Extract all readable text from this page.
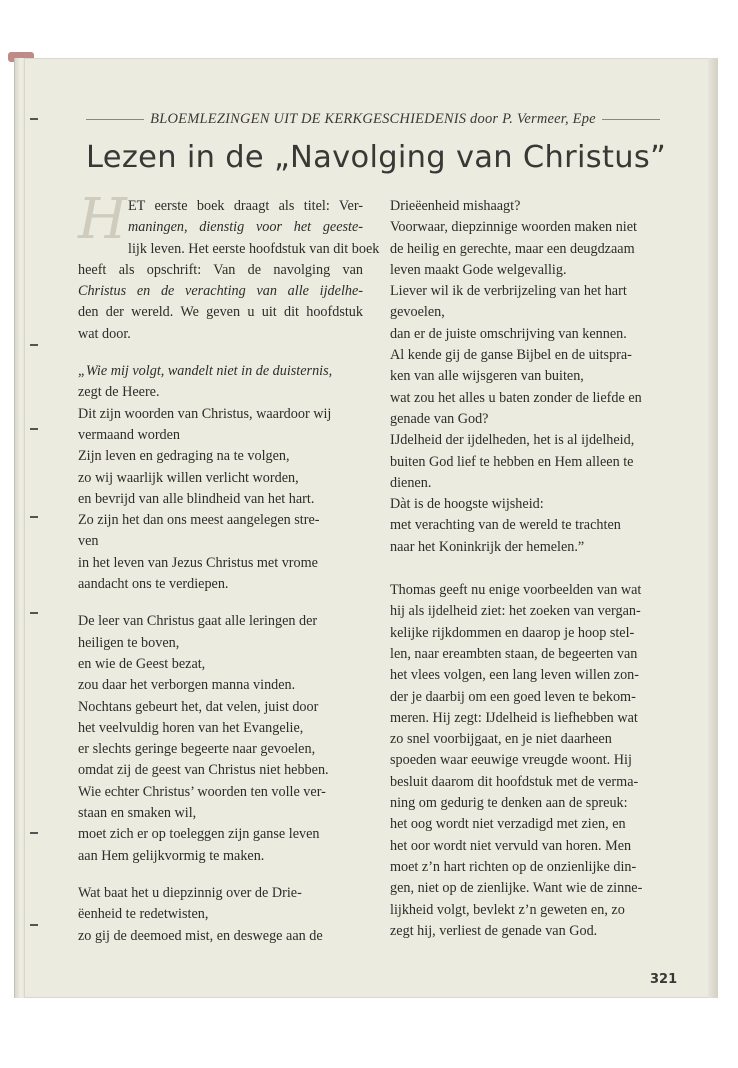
BLOEMLEZINGEN UIT DE KERKGESCHIEDENIS door P. Vermeer, Epe
Lezen in de „Navolging van Christus”
H ET eerste boek draagt als titel: Ver-
maningen, dienstig voor het geeste-
lijk leven. Het eerste hoofdstuk van dit boek
heeft als opschrift: Van de navolging van
Christus en de verachting van alle ijdelhe-
den der wereld. We geven u uit dit hoofdstuk
wat door.
„Wie mij volgt, wandelt niet in de duisternis,
zegt de Heere.
Dit zijn woorden van Christus, waardoor wij
vermaand worden
Zijn leven en gedraging na te volgen,
zo wij waarlijk willen verlicht worden,
en bevrijd van alle blindheid van het hart.
Zo zijn het dan ons meest aangelegen stre-
ven
in het leven van Jezus Christus met vrome
aandacht ons te verdiepen.
De leer van Christus gaat alle leringen der
heiligen te boven,
en wie de Geest bezat,
zou daar het verborgen manna vinden.
Nochtans gebeurt het, dat velen, juist door
het veelvuldig horen van het Evangelie,
er slechts geringe begeerte naar gevoelen,
omdat zij de geest van Christus niet hebben.
Wie echter Christus’ woorden ten volle ver-
staan en smaken wil,
moet zich er op toeleggen zijn ganse leven
aan Hem gelijkvormig te maken.
Wat baat het u diepzinnig over de Drie-
ëenheid te redetwisten,
zo gij de deemoed mist, en deswege aan de
Drieëenheid mishaagt?
Voorwaar, diepzinnige woorden maken niet
de heilig en gerechte, maar een deugdzaam
leven maakt Gode welgevallig.
Liever wil ik de verbrijzeling van het hart
gevoelen,
dan er de juiste omschrijving van kennen.
Al kende gij de ganse Bijbel en de uitspra-
ken van alle wijsgeren van buiten,
wat zou het alles u baten zonder de liefde en
genade van God?
IJdelheid der ijdelheden, het is al ijdelheid,
buiten God lief te hebben en Hem alleen te
dienen.
Dàt is de hoogste wijsheid:
met verachting van de wereld te trachten
naar het Koninkrijk der hemelen.”
Thomas geeft nu enige voorbeelden van wat
hij als ijdelheid ziet: het zoeken van vergan-
kelijke rijkdommen en daarop je hoop stel-
len, naar ereambten staan, de begeerten van
het vlees volgen, een lang leven willen zon-
der je daarbij om een goed leven te bekom-
meren. Hij zegt: IJdelheid is liefhebben wat
zo snel voorbijgaat, en je niet daarheen
spoeden waar eeuwige vreugde woont. Hij
besluit daarom dit hoofdstuk met de verma-
ning om gedurig te denken aan de spreuk:
het oog wordt niet verzadigd met zien, en
het oor wordt niet vervuld van horen. Men
moet z’n hart richten op de onzienlijke din-
gen, niet op de zienlijke. Want wie de zinne-
lijkheid volgt, bevlekt z’n geweten en, zo
zegt hij, verliest de genade van God.
321
